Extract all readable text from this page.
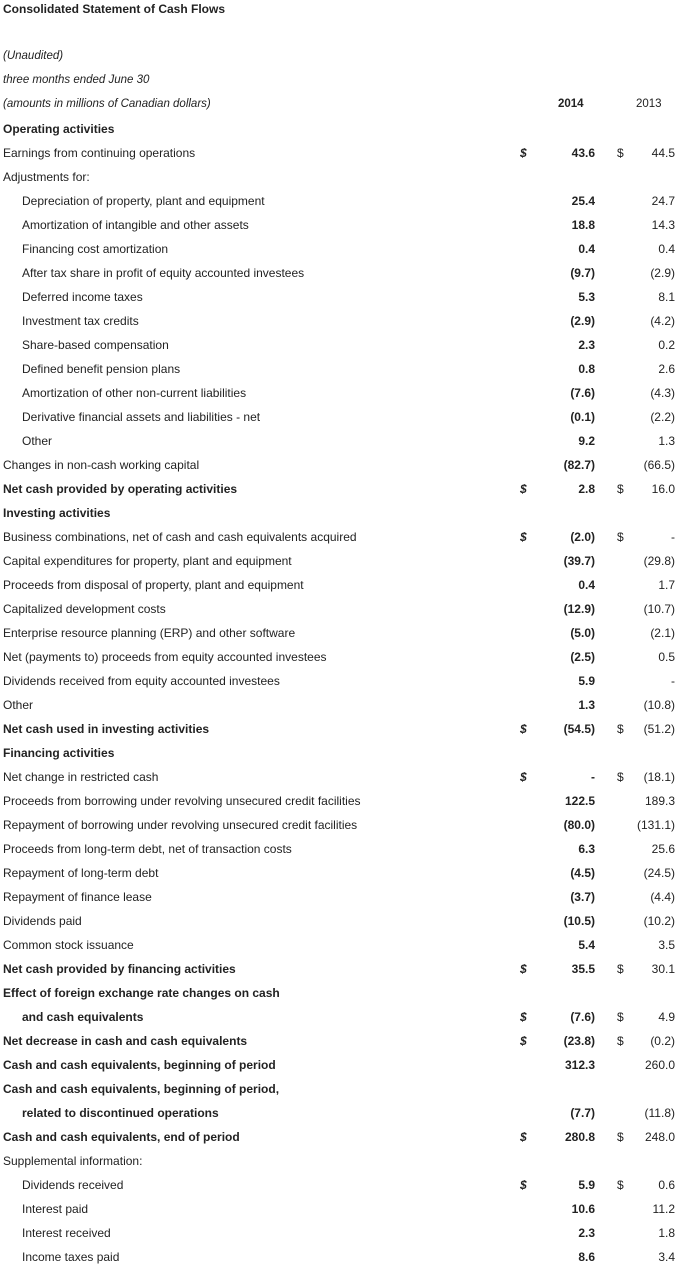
Consolidated Statement of Cash Flows
(Unaudited)
three months ended June 30
(amounts in millions of Canadian dollars)	2014	2013
Operating activities
Earnings from continuing operations	$	43.6 $	44.5
Adjustments for:
Depreciation of property, plant and equipment	25.4	24.7
Amortization of intangible and other assets	18.8	14.3
Financing cost amortization	0.4	0.4
After tax share in profit of equity accounted investees	(9.7)	(2.9)
Deferred income taxes	5.3	8.1
Investment tax credits	(2.9)	(4.2)
Share-based compensation	2.3	0.2
Defined benefit pension plans	0.8	2.6
Amortization of other non-current liabilities	(7.6)	(4.3)
Derivative financial assets and liabilities - net	(0.1)	(2.2)
Other	9.2	1.3
Changes in non-cash working capital	(82.7)	(66.5)
Net cash provided by operating activities	$	2.8 $	16.0
Investing activities
Business combinations, net of cash and cash equivalents acquired	$	(2.0) $	-
Capital expenditures for property, plant and equipment	(39.7)	(29.8)
Proceeds from disposal of property, plant and equipment	0.4	1.7
Capitalized development costs	(12.9)	(10.7)
Enterprise resource planning (ERP) and other software	(5.0)	(2.1)
Net (payments to) proceeds from equity accounted investees	(2.5)	0.5
Dividends received from equity accounted investees	5.9	-
Other	1.3	(10.8)
Net cash used in investing activities	$	(54.5) $	(51.2)
Financing activities
Net change in restricted cash	$	- $	(18.1)
Proceeds from borrowing under revolving unsecured credit facilities	122.5	189.3
Repayment of borrowing under revolving unsecured credit facilities	(80.0)	(131.1)
Proceeds from long-term debt, net of transaction costs	6.3	25.6
Repayment of long-term debt	(4.5)	(24.5)
Repayment of finance lease	(3.7)	(4.4)
Dividends paid	(10.5)	(10.2)
Common stock issuance	5.4	3.5
Net cash provided by financing activities	$	35.5 $	30.1
Effect of foreign exchange rate changes on cash
and cash equivalents	$	(7.6) $	4.9
Net decrease in cash and cash equivalents	$	(23.8) $	(0.2)
Cash and cash equivalents, beginning of period	312.3	260.0
Cash and cash equivalents, beginning of period,
related to discontinued operations	(7.7)	(11.8)
Cash and cash equivalents, end of period	$	280.8 $	248.0
Supplemental information:
Dividends received	$	5.9 $	0.6
Interest paid	10.6	11.2
Interest received	2.3	1.8
Income taxes paid	8.6	3.4
